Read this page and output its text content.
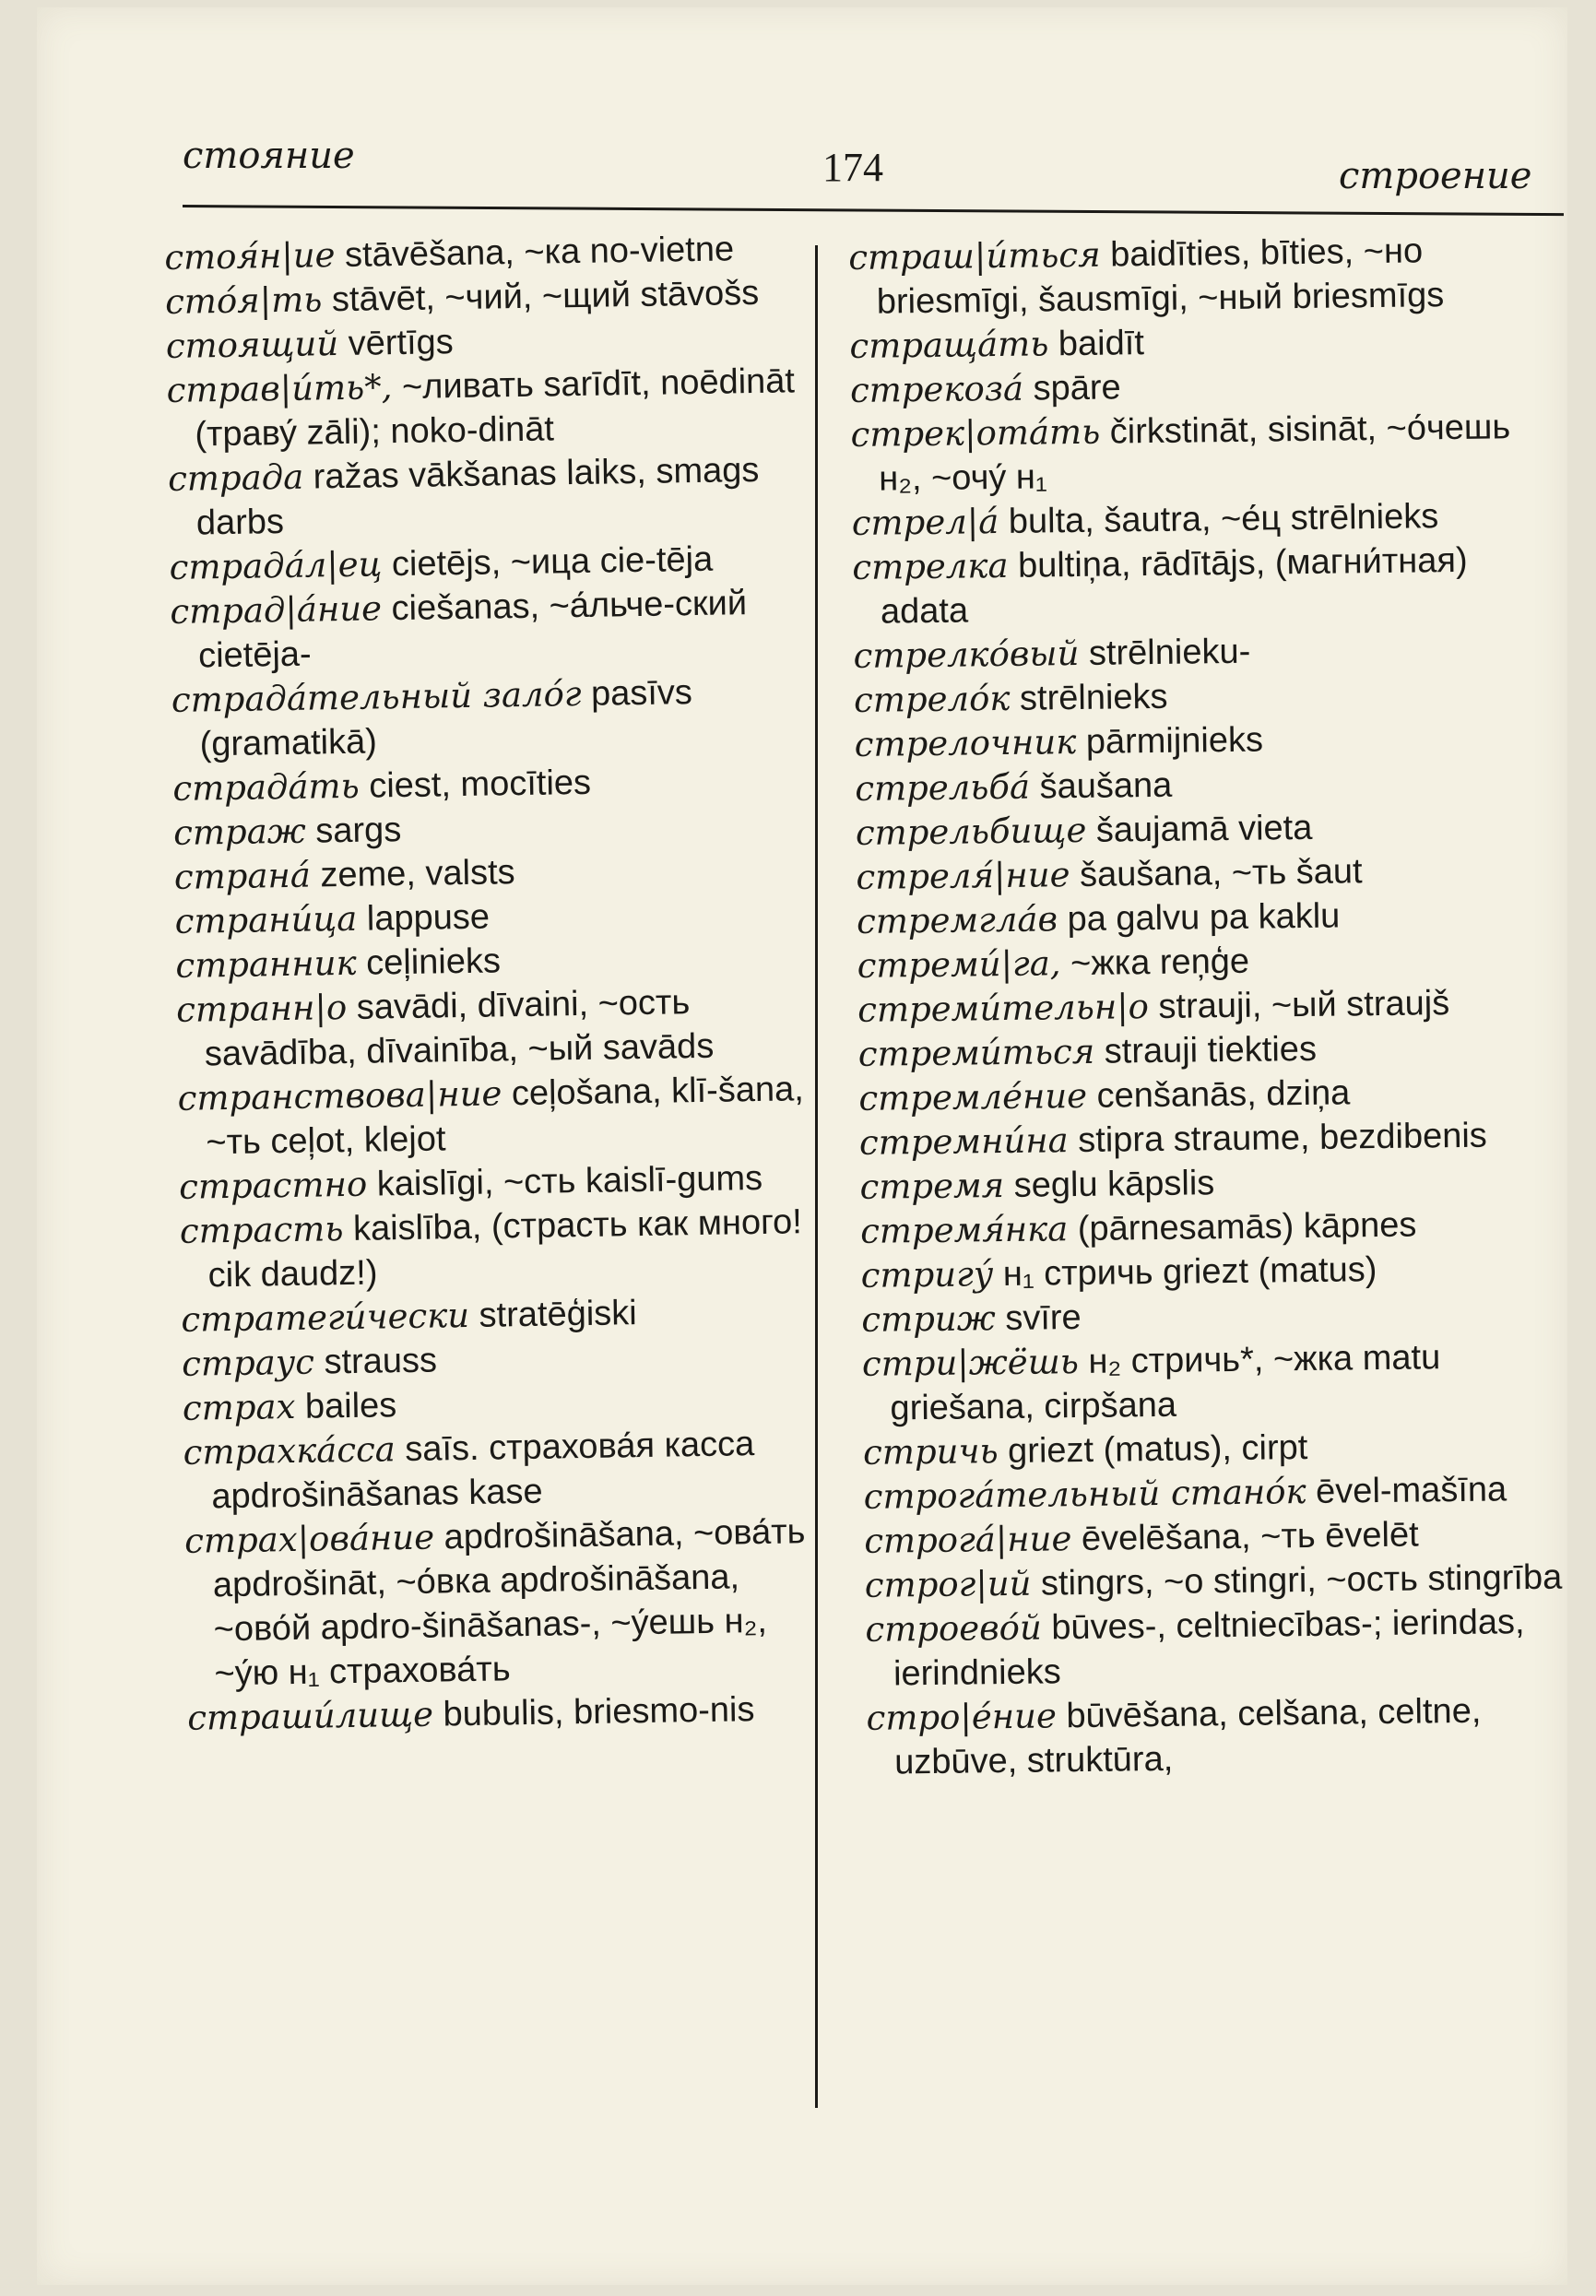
стояние	174	строение

стоя́н|ие stāvēšana, ~ка no-vietne

сто́я|ть stāvēt, ~чий, ~щий stāvošs

стоящий vērtīgs

страв|и́ть*, ~ливать sarīdīt, noēdināt (траву́ zāli); noko-dināt

страда ražas vākšanas laiks, smags darbs

страда́л|ец cietējs, ~ица cie-tēja

страд|а́ние ciešanas, ~а́льче-ский cietēja-

страда́тельный зало́г pasīvs (gramatikā)

страда́ть ciest, mocīties

страж sargs

страна́ zeme, valsts

страни́ца lappuse

странник ceļinieks

странн|о savādi, dīvaini, ~ость savādība, dīvainība, ~ый savāds

странствова|ние ceļošana, klī-šana, ~ть ceļot, klejot

страстно kaislīgi, ~сть kaislī-gums

страсть kaislība, (страсть как много! cik daudz!)

стратеги́чески stratēģiski

страус strauss

страх bailes

страхка́сса saīs. страхова́я касса apdrošināšanas kase

страх|ова́ние apdrošināšana, ~ова́ть apdrošināt, ~о́вка apdrošināšana, ~ово́й apdro-šināšanas-, ~у́ешь н₂, ~у́ю н₁ страхова́ть

страши́лище bubulis, briesmo-nis

страш|и́ться baidīties, bīties, ~но briesmīgi, šausmīgi, ~ный briesmīgs

страща́ть baidīt

стрекоза́ spāre

стрек|ота́ть čirkstināt, sisināt, ~о́чешь н₂, ~очу́ н₁

стрел|а́ bulta, šautra, ~е́ц strēlnieks

стрелка bultiņa, rādītājs, (магни́тная) adata

стрелко́вый strēlnieku-

стрело́к strēlnieks

стрелочник pārmijnieks

стрельба́ šaušana

стрельбище šaujamā vieta

стреля́|ние šaušana, ~ть šaut

стремгла́в pa galvu pa kaklu

стреми́|га, ~жка reņģe

стреми́тельн|о strauji, ~ый straujš

стреми́ться strauji tiekties

стремле́ние cenšanās, dziņa

стремни́на stipra straume, bezdibenis

стремя seglu kāpslis

стремя́нка (pārnesamās) kāpnes

стригу́ н₁ стричь griezt (matus)

стриж svīre

стри|жёшь н₂ стричь*, ~жка matu griešana, cirpšana

стричь griezt (matus), cirpt

строга́тельный стано́к ēvel-mašīna

строга́|ние ēvelēšana, ~ть ēvelēt

строг|ий stingrs, ~о stingri, ~ость stingrība

строево́й būves-, celtniecības-; ierindas, ierindnieks

стро|е́ние būvēšana, celšana, celtne, uzbūve, struktūra,
